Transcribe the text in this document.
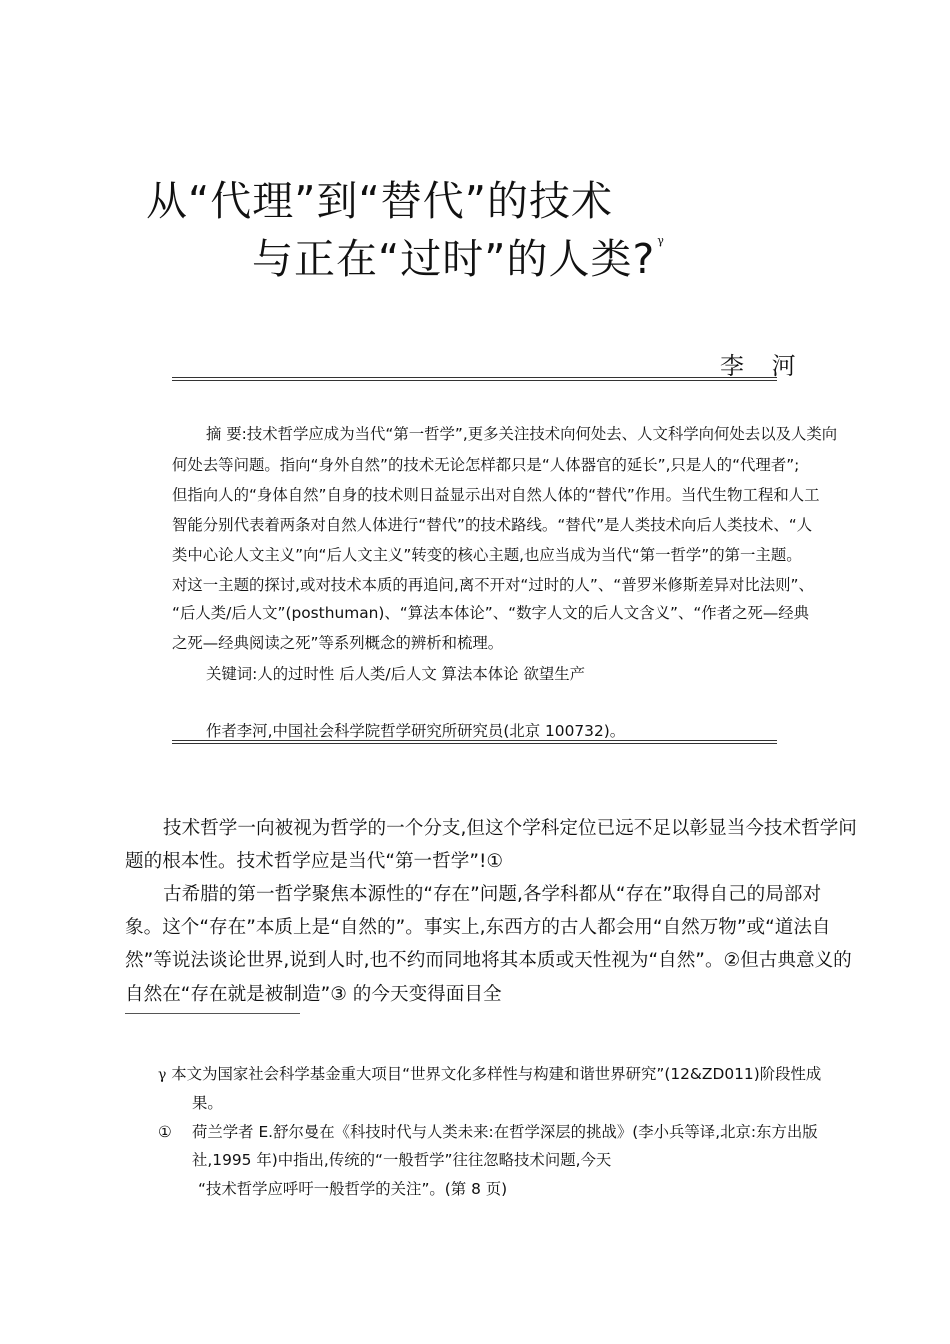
从“代理”到“替代”的技术
与正在“过时”的人类? $^\gamma$
李 河
摘 要:技术哲学应成为当代“第一哲学”,更多关注技术向何处去、人文科学向何处去以及人类向
何处去等问题。指向“身外自然”的技术无论怎样都只是“人体器官的延长”,只是人的“代理者”;
但指向人的“身体自然”自身的技术则日益显示出对自然人体的“替代”作用。当代生物工程和人工
智能分别代表着两条对自然人体进行“替代”的技术路线。“替代”是人类技术向后人类技术、“人
类中心论人文主义”向“后人文主义”转变的核心主题,也应当成为当代“第一哲学”的第一主题。
对这一主题的探讨,或对技术本质的再追问,离不开对“过时的人”、“普罗米修斯差异对比法则”、
“后人类/后人文”(posthuman)、“算法本体论”、“数字人文的后人文含义”、“作者之死—经典
之死—经典阅读之死”等系列概念的辨析和梳理。
关键词:人的过时性 后人类/后人文 算法本体论 欲望生产
作者李河,中国社会科学院哲学研究所研究员(北京 100732)。
技术哲学一向被视为哲学的一个分支,但这个学科定位已远不足以彰显当今技术哲学问
题的根本性。技术哲学应是当代“第一哲学”!①
古希腊的第一哲学聚焦本源性的“存在”问题,各学科都从“存在”取得自己的局部对
象。这个“存在”本质上是“自然的”。事实上,东西方的古人都会用“自然万物”或“道法自
然”等说法谈论世界,说到人时,也不约而同地将其本质或天性视为“自然”。②但古典意义的
自然在“存在就是被制造”③ 的今天变得面目全
γ 本文为国家社会科学基金重大项目“世界文化多样性与构建和谐世界研究”(12&ZD011)阶段性成
果。
① 荷兰学者 E.舒尔曼在《科技时代与人类未来:在哲学深层的挑战》(李小兵等译,北京:东方出版
社,1995 年)中指出,传统的“一般哲学”往往忽略技术问题,今天
“技术哲学应呼吁一般哲学的关注”。(第 8 页)
